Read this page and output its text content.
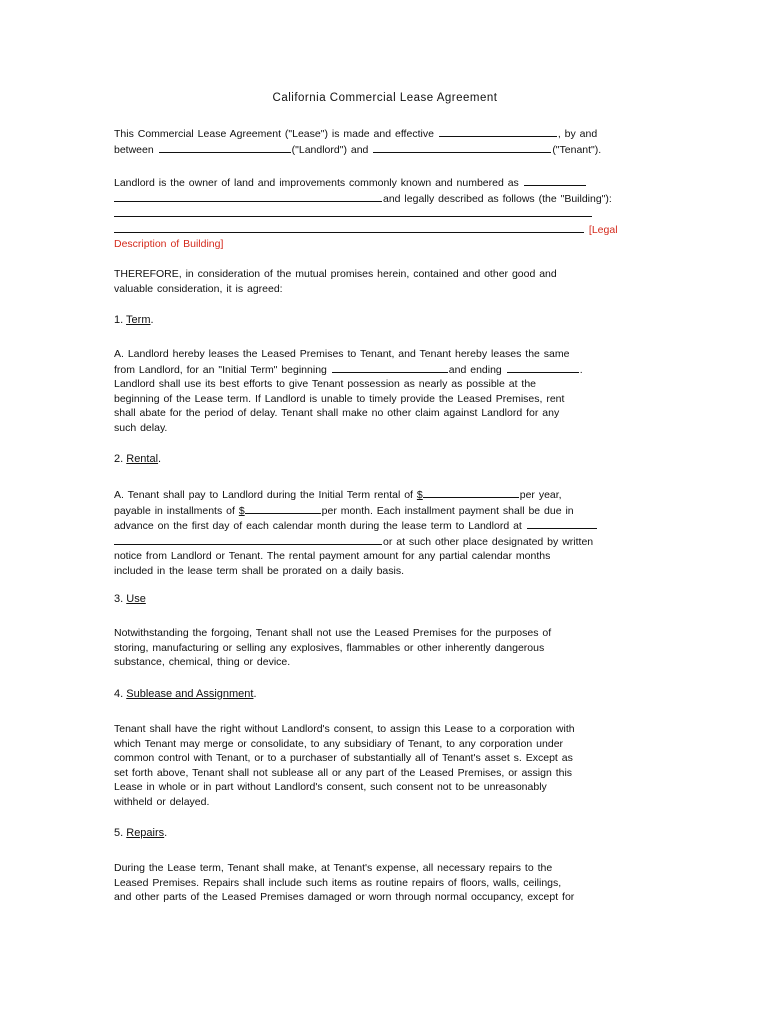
California Commercial Lease Agreement
This Commercial Lease Agreement ("Lease") is made and effective	, by and
between	("Landlord") and	("Tenant").
Landlord is the owner of land and improvements commonly known and numbered as
and legally described as follows (the "Building"):
[Legal
Description of Building]
THEREFORE, in consideration of the mutual promises herein, contained and other good and
valuable consideration, it is agreed:
1. Term.
A. Landlord hereby leases the Leased Premises to Tenant, and Tenant hereby leases the same
from Landlord, for an "Initial Term" beginning	and ending	.
Landlord shall use its best efforts to give Tenant possession as nearly as possible at the
beginning of the Lease term. If Landlord is unable to timely provide the Leased Premises, rent
shall abate for the period of delay. Tenant shall make no other claim against Landlord for any
such delay.
2. Rental.
A. Tenant shall pay to Landlord during the Initial Term rental of $	per year,
payable in installments of $	per month. Each installment payment shall be due in
advance on the first day of each calendar month during the lease term to Landlord at
or at such other place designated by written
notice from Landlord or Tenant. The rental payment amount for any partial calendar months
included in the lease term shall be prorated on a daily basis.
3. Use
Notwithstanding the forgoing, Tenant shall not use the Leased Premises for the purposes of
storing, manufacturing or selling any explosives, flammables or other inherently dangerous
substance, chemical, thing or device.
4. Sublease and Assignment.
Tenant shall have the right without Landlord's consent, to assign this Lease to a corporation with
which Tenant may merge or consolidate, to any subsidiary of Tenant, to any corporation under
common control with Tenant, or to a purchaser of substantially all of Tenant's asset s. Except as
set forth above, Tenant shall not sublease all or any part of the Leased Premises, or assign this
Lease in whole or in part without Landlord's consent, such consent not to be unreasonably
withheld or delayed.
5. Repairs.
During the Lease term, Tenant shall make, at Tenant's expense, all necessary repairs to the
Leased Premises. Repairs shall include such items as routine repairs of floors, walls, ceilings,
and other parts of the Leased Premises damaged or worn through normal occupancy, except for
